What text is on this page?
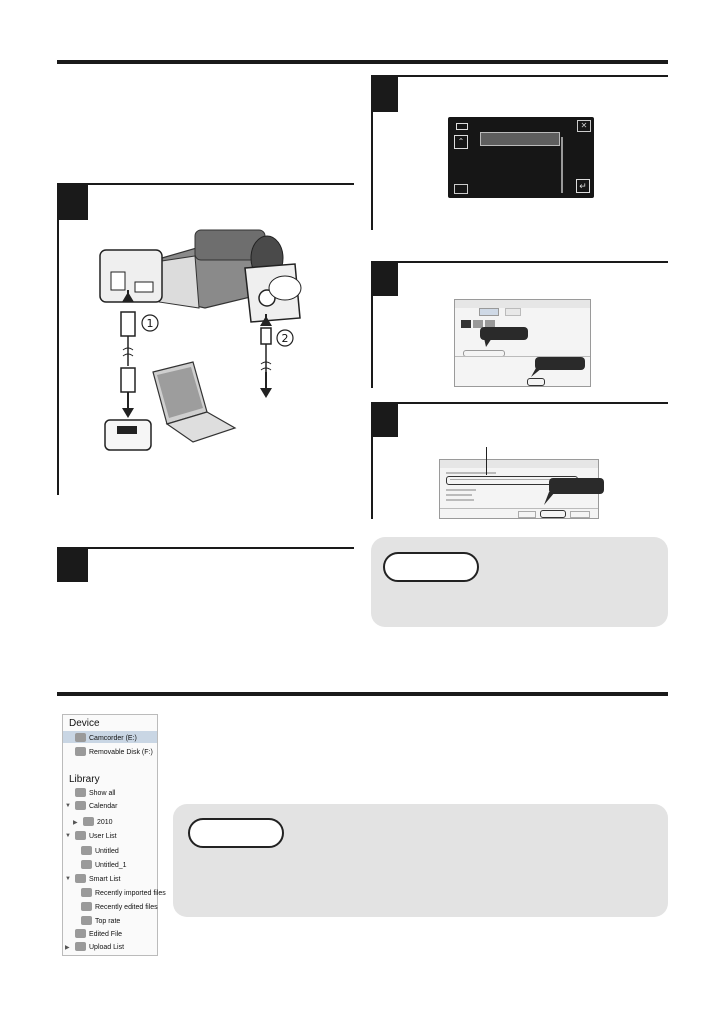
1
2
✕
⌃
↵
Device
Camcorder (E:)
Removable Disk (F:)
Library
Show all
▼	Calendar
▶	2010
▼	User List
Untitled
Untitled_1
▼	Smart List
Recently imported files
Recently edited files
Top rate
Edited File
▶	Upload List
